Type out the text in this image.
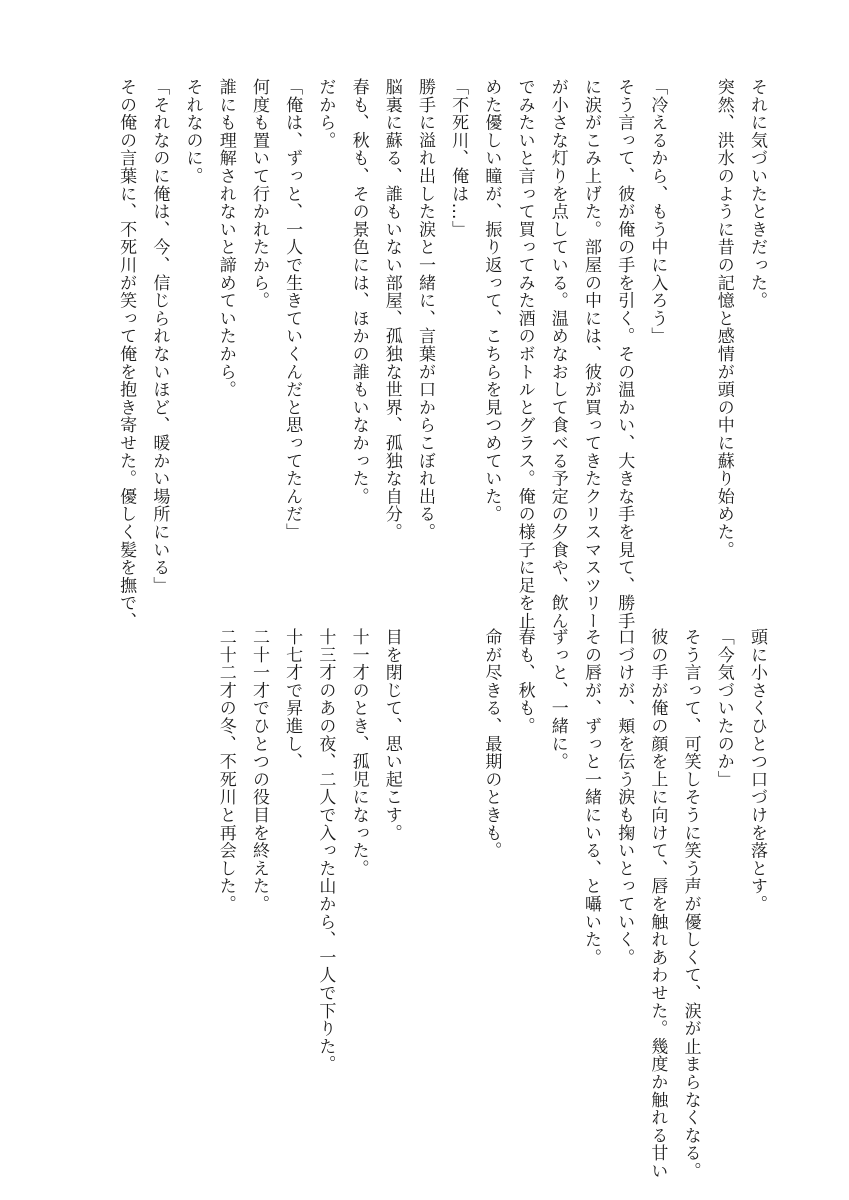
それに気づいたときだった。

突然、洪水のように昔の記憶と感情が頭の中に蘇り始めた。

「冷えるから、もう中に入ろう」

そう言って、彼が俺の手を引く。その温かい、大きな手を見て、勝手

に涙がこみ上げた。部屋の中には、彼が買ってきたクリスマスツリー

が小さな灯りを点している。温めなおして食べる予定の夕食や、飲ん

でみたいと言って買ってみた酒のボトルとグラス。俺の様子に足を止

めた優しい瞳が、振り返って、こちらを見つめていた。

「不死川、俺は…」

勝手に溢れ出した涙と一緒に、言葉が口からこぼれ出る。

脳裏に蘇る、誰もいない部屋、孤独な世界、孤独な自分。

春も、秋も、その景色には、ほかの誰もいなかった。

だから。

「俺は、ずっと、一人で生きていくんだと思ってたんだ」

何度も置いて行かれたから。

誰にも理解されないと諦めていたから。

それなのに。

「それなのに俺は、今、信じられないほど、暖かい場所にいる」

その俺の言葉に、不死川が笑って俺を抱き寄せた。優しく髪を撫で、

頭に小さくひとつ口づけを落とす。

「今気づいたのか」

そう言って、可笑しそうに笑う声が優しくて、涙が止まらなくなる。

彼の手が俺の顔を上に向けて、唇を触れあわせた。幾度か触れる甘い

口づけが、頬を伝う涙も掬いとっていく。

その唇が、ずっと一緒にいる、と囁いた。

ずっと、一緒に。

春も、秋も。

命が尽きる、最期のときも。

目を閉じて、思い起こす。

十一才のとき、孤児になった。

十三才のあの夜、二人で入った山から、一人で下りた。

十七才で昇進し、

二十一才でひとつの役目を終えた。

二十二才の冬、不死川と再会した。
